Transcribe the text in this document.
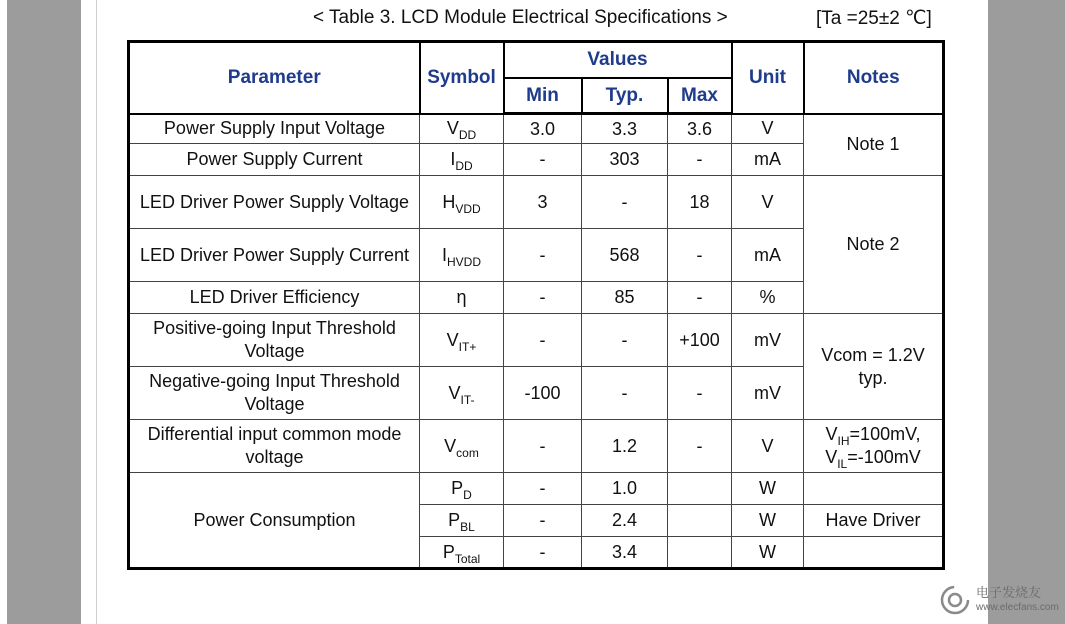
< Table 3. LCD Module Electrical Specifications >	[Ta =25±2 ℃]
Parameter	Symbol	Values			Unit	Notes
		Min	Typ.	Max		
Power Supply Input Voltage	$V_{DD}$	3.0	3.3	3.6	V	Note 1
Power Supply Current	$I_{DD}$	-	303	-	mA	
LED Driver Power Supply Voltage	$H_{VDD}$	3	-	18	V	Note 2
LED Driver Power Supply Current	$I_{HVDD}$	-	568	-	mA	
LED Driver Efficiency	η	-	85	-	%	
Positive-going Input Threshold Voltage	$V_{IT+}$	-	-	+100	mV	Vcom = 1.2V typ.
Negative-going Input Threshold Voltage	$V_{IT-}$	-100	-	-	mV	
Differential input common mode voltage	$V_{com}$	-	1.2	-	V	$V_{IH}=100mV$,
$V_{IL}=-100mV$
Power Consumption	$P_D$	-	1.0		W	
	$P_{BL}$	-	2.4		W	Have Driver
	$P_{Total}$	-	3.4		W	
电子发烧友
www.elecfans.com
